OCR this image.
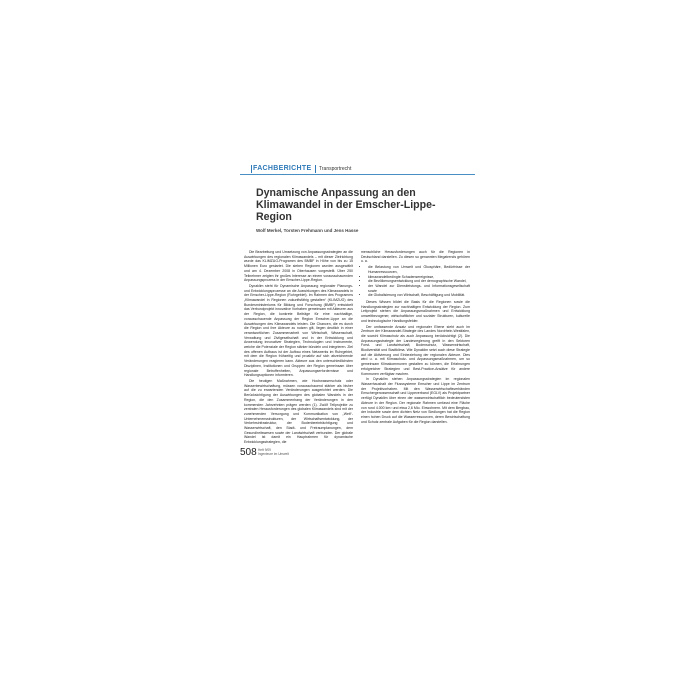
FACHBERICHTE Transportrecht
Dynamische Anpassung an den Klimawandel in der Emscher-Lippe-Region
Wolf Merkel, Torsten Frehmann und Jens Hasse

Die Bearbeitung und Umsetzung von Anpassungsstrategien an die Auswirkungen des regionalen Klimawandels – mit dieser Zielrichtung wurde das KLIMZUG-Programm des BMBF in Höhe von bis zu 15 Millionen Euro gestartet. Die sieben Regionen wurden ausgewählt und am 4. Dezember 2008 in Oberhausen vorgestellt. Über 250 Teilnehmer zeigten ihr großes Interesse an einem vorausschauenden Anpassungsprozess in der Emscher-Lippe-Region.

Dynaklim steht für Dynamische Anpassung regionaler Planungs- und Entwicklungsprozesse an die Auswirkungen des Klimawandels in der Emscher-Lippe-Region (Ruhrgebiet). Im Rahmen des Programms „Klimawandel in Regionen zukunftsfähig gestalten“ (KLIMZUG) des Bundesministeriums für Bildung und Forschung (BMBF) entwickelt das Verbundprojekt innovative Vorhaben gemeinsam mit Akteuren aus der Region, die konkrete Beiträge für eine nachhaltige, vorausschauende Anpassung der Region Emscher-Lippe an die Auswirkungen des Klimawandels leisten. Die Chancen, die es durch die Region und ihre Akteure zu nutzen gilt, liegen deutlich in einer verantwortlichen Zusammenarbeit von Wirtschaft, Wissenschaft, Verwaltung und Zivilgesellschaft und in der Entwicklung und Anwendung innovativer Strategien, Technologien und Instrumente, welche die Potenziale der Region stärker bündeln und integrieren. Ziel des offenen Aufbaus ist der Aufbau eines Netzwerks im Ruhrgebiet, mit dem die Region frühzeitig und proaktiv auf sich abzeichnende Veränderungen reagieren kann. Akteure aus den unterschiedlichsten Disziplinen, Institutionen und Gruppen der Region gemeinsam über regionale Betroffenheiten, Anpassungserfordernisse und Handlungsoptionen informieren.

Die heutigen Maßnahmen, wie Hochwasserschutz oder Wasserbewirtschaftung, müssen vorausschauend stärker als bisher auf die zu erwartenden Veränderungen ausgerichtet werden. Die Berücksichtigung der Auswirkungen des globalen Wandels in der Region, die den Zusammenhang der Veränderungen in den kommenden Jahrzehnten prägen werden (1). Zwölf Teilprojekte zu zentralen Herausforderungen des globalen Klimawandels sind mit der zunehmenden Versorgung und Kommunikation von „Weit“-Unternehmensstrukturen, der Wirtschaftsentwicklung, der Verkehrsinfrastruktur, der Bodenbeeinträchtigung und Wasserwirtschaft, den Stadt- und Freiraumplanungen, dem Gesundheitswesen sowie der Landwirtschaft verbunden. Der globale Wandel ist damit ein Hauptrahmen für dynamische Entwicklungsstrategien, die

menschliche Herausforderungen auch für die Regionen in Deutschland darstellen. Zu diesen so genannten Megatrends gehören u. a.

• die Belastung von Umwelt und Ökosphäre, Bedürfnisse der Humanressourcen,
• klimawandelbedingte Schadensereignisse,
• die Bevölkerungsentwicklung und der demographische Wandel,
• der Wandel zur Dienstleistungs- und Informationsgesellschaft sowie
• die Globalisierung von Wirtschaft, Beschäftigung und Mobilität.

Dieses Wissen bildet die Basis für die Regionen sowie die Handlungsstrategien zur nachhaltigen Entwicklung der Region. Zum Leitprojekt stehen die Anpassungsmaßnahmen und Entwicklung umweltbezogener, wirtschaftlicher und sozialer Strukturen, kulturelle und technologische Handlungsfelder.

Der umfassende Ansatz und regionaler Ebene sieht auch im Zentrum der Klimawandel-Strategie des Landes Nordrhein-Westfalen, die sowohl Klimaschutz als auch Anpassung berücksichtigt (2). Die Anpassungsstrategie der Landesregierung greift in den Sektoren Forst- und Landwirtschaft, Bodenschutz, Wasserwirtschaft, Biodiversität und Stadtklima. Wie Dynaklim setzt auch diese Strategie auf die Aktivierung und Einbeziehung der regionalen Akteure. Dies wird u. a. mit Klimaschutz- und Anpassungsmaßnahmen, um so gemeinsam Klimakommunen gestalten zu können, die Erfahrungen erfolgreicher Strategien und Best-Practice-Ansätze für andere Kommunen verfügbar machen.

In Dynaklim stehen Anpassungsstrategien im regionalen Wasserhaushalt der Flusssysteme Emscher und Lippe im Zentrum der Projektvorhaben. Mit den Wasserwirtschaftsverbänden Emschergenossenschaft und Lippeverband (EGLV) als Projektpartner verfügt Dynaklim über einen der wasserwirtschaftlich bedeutendsten Akteure in der Region. Der regionale Rahmen umfasst eine Fläche von rund 4.000 km² und etwa 2,6 Mio. Einwohnern. Mit dem Bergbau, der Industrie sowie dem dichten Netz von Siedlungen hat die Region einen hohen Druck auf die Wasserressourcen, deren Bewirtschaftung und Schutz zentrale Aufgaben für die Region darstellen.

508 Heft 9/09
Ingenieure im Umwelt
